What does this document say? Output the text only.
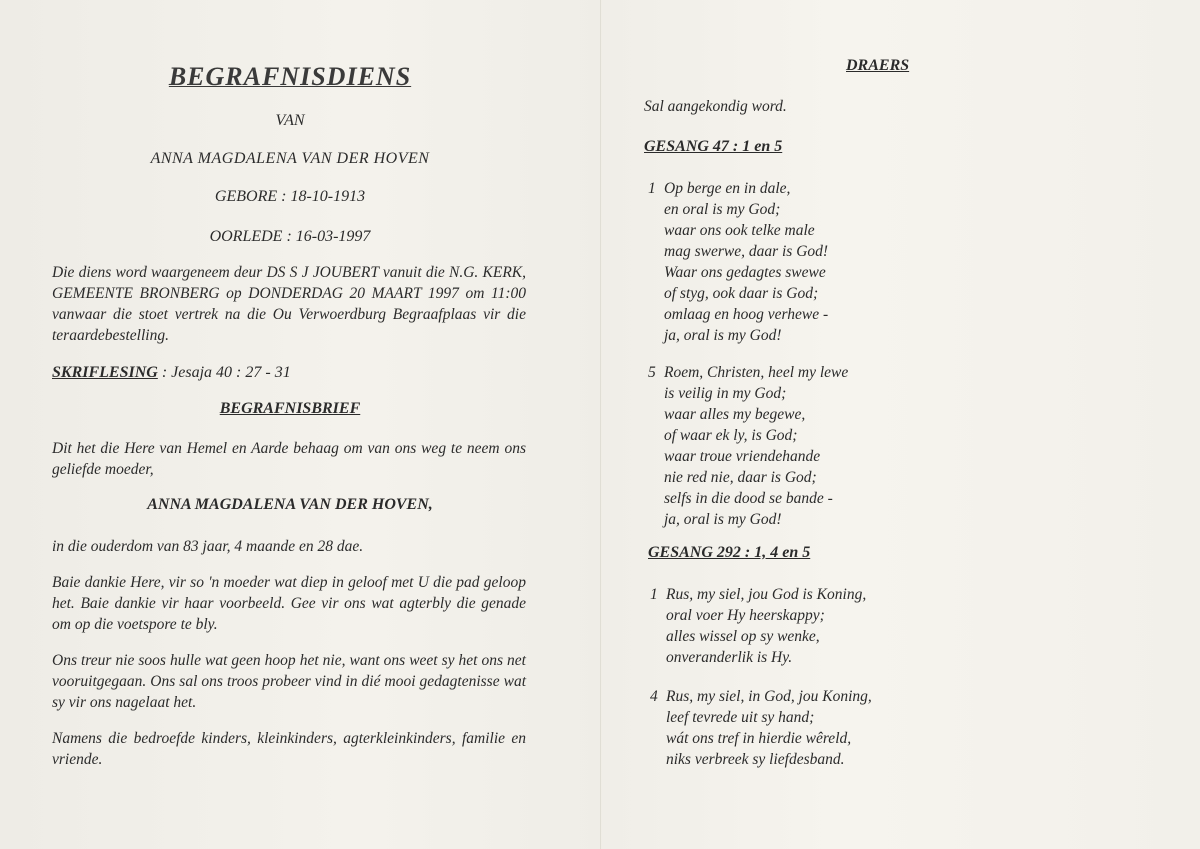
BEGRAFNISDIENS
VAN
ANNA MAGDALENA VAN DER HOVEN
GEBORE : 18-10-1913
OORLEDE : 16-03-1997
Die diens word waargeneem deur DS S J JOUBERT vanuit die N.G. KERK, GEMEENTE BRONBERG op DONDERDAG 20 MAART 1997 om 11:00 vanwaar die stoet vertrek na die Ou Verwoerdburg Begraafplaas vir die teraardebestelling.
SKRIFLESING : Jesaja 40 : 27 - 31
BEGRAFNISBRIEF
Dit het die Here van Hemel en Aarde behaag om van ons weg te neem ons geliefde moeder,
ANNA MAGDALENA VAN DER HOVEN,
in die ouderdom van 83 jaar, 4 maande en 28 dae.
Baie dankie Here, vir so 'n moeder wat diep in geloof met U die pad geloop het. Baie dankie vir haar voorbeeld. Gee vir ons wat agterbly die genade om op die voetspore te bly.
Ons treur nie soos hulle wat geen hoop het nie, want ons weet sy het ons net vooruitgegaan. Ons sal ons troos probeer vind in dié mooi gedagtenisse wat sy vir ons nagelaat het.
Namens die bedroefde kinders, kleinkinders, agterkleinkinders, familie en vriende.
DRAERS
Sal aangekondig word.
GESANG 47 : 1 en 5
1 Op berge en in dale,
en oral is my God;
waar ons ook telke male
mag swerwe, daar is God!
Waar ons gedagtes swewe
of styg, ook daar is God;
omlaag en hoog verhewe -
ja, oral is my God!
5 Roem, Christen, heel my lewe
is veilig in my God;
waar alles my begewe,
of waar ek ly, is God;
waar troue vriendehande
nie red nie, daar is God;
selfs in die dood se bande -
ja, oral is my God!
GESANG 292 : 1, 4 en 5
1 Rus, my siel, jou God is Koning,
oral voer Hy heerskappy;
alles wissel op sy wenke,
onveranderlik is Hy.
4 Rus, my siel, in God, jou Koning,
leef tevrede uit sy hand;
wát ons tref in hierdie wêreld,
niks verbreek sy liefdesband.
